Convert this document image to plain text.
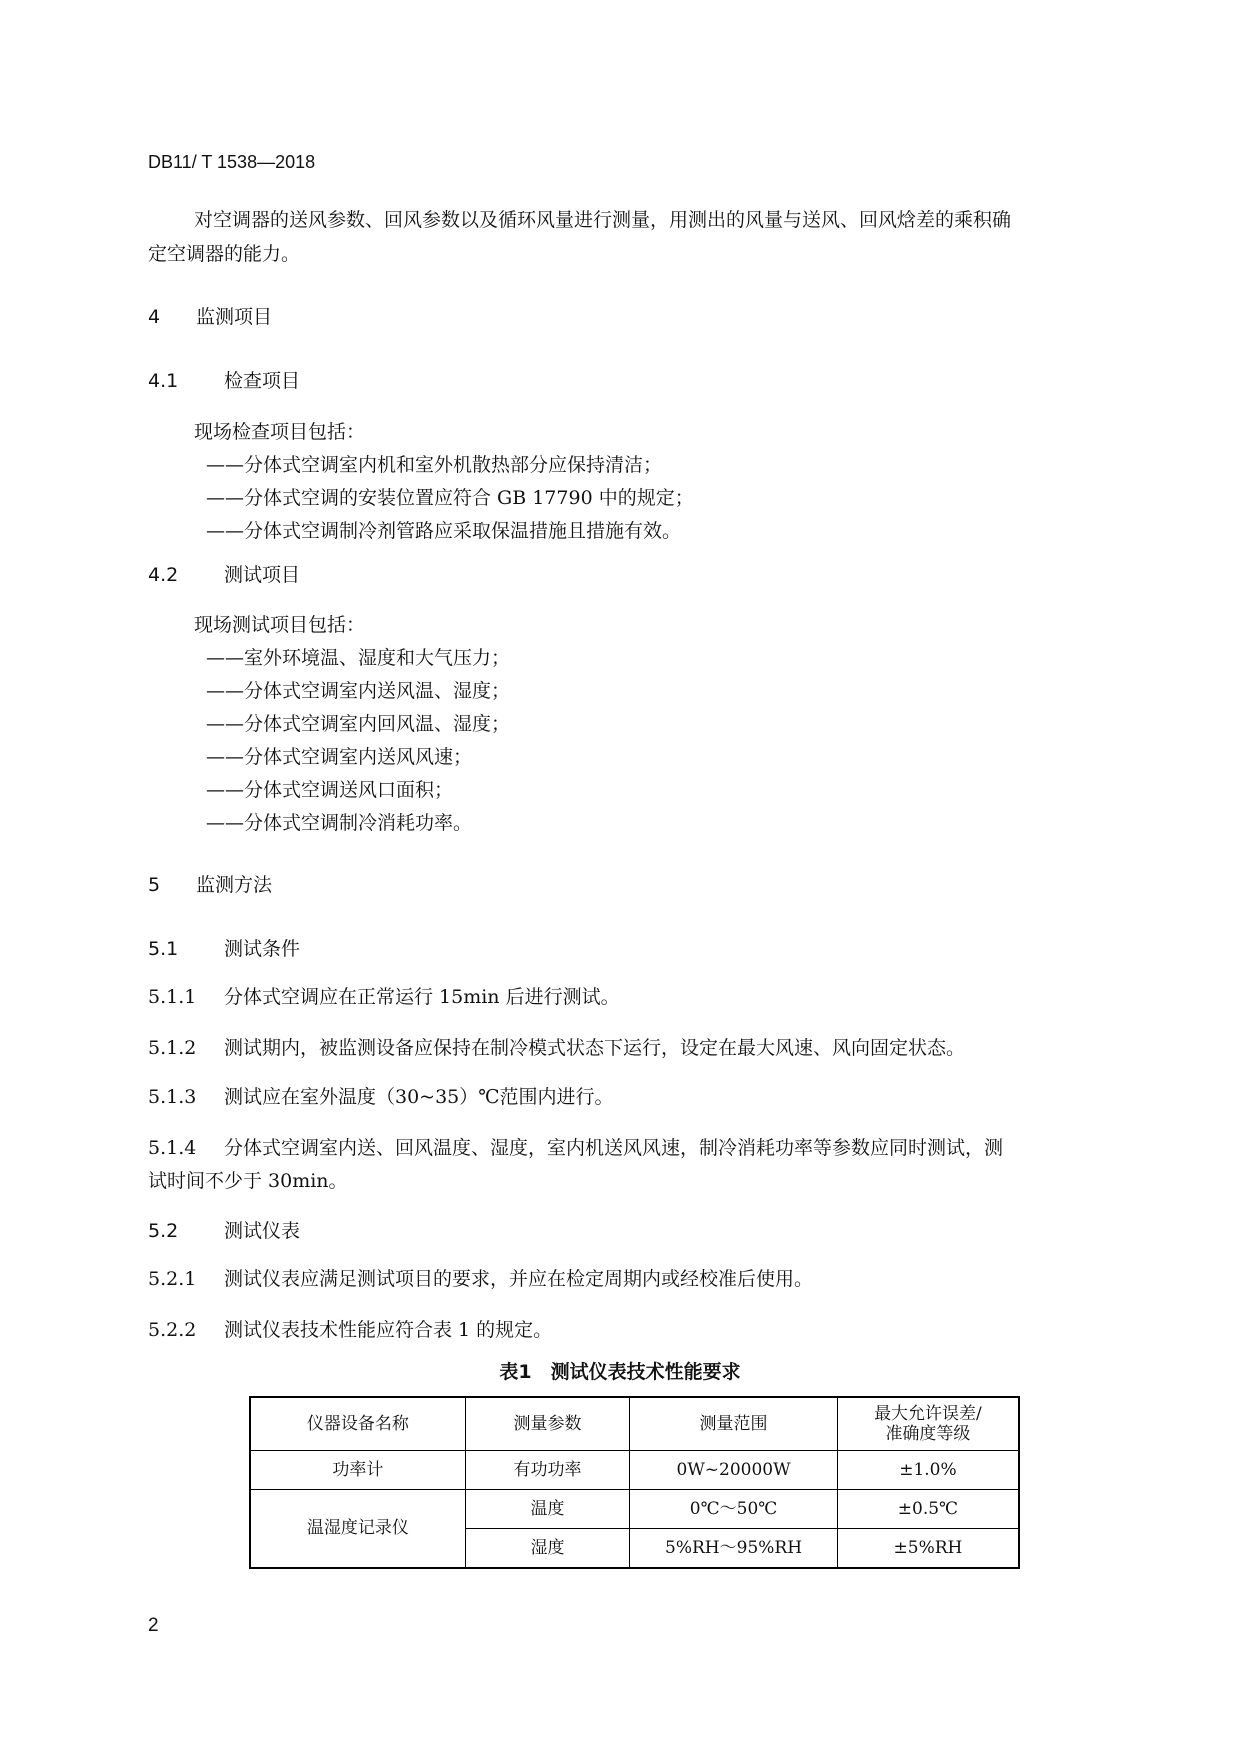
DB11/ T 1538—2018
对空调器的送风参数、回风参数以及循环风量进行测量，用测出的风量与送风、回风焓差的乘积确
定空调器的能力。
4 监测项目
4.1 检查项目
现场检查项目包括：
——分体式空调室内机和室外机散热部分应保持清洁；
——分体式空调的安装位置应符合 GB 17790 中的规定；
——分体式空调制冷剂管路应采取保温措施且措施有效。
4.2 测试项目
现场测试项目包括：
——室外环境温、湿度和大气压力；
——分体式空调室内送风温、湿度；
——分体式空调室内回风温、湿度；
——分体式空调室内送风风速；
——分体式空调送风口面积；
——分体式空调制冷消耗功率。
5 监测方法
5.1 测试条件
5.1.1 分体式空调应在正常运行 15min 后进行测试。
5.1.2 测试期内，被监测设备应保持在制冷模式状态下运行，设定在最大风速、风向固定状态。
5.1.3 测试应在室外温度（30~35）℃范围内进行。
5.1.4 分体式空调室内送、回风温度、湿度，室内机送风风速，制冷消耗功率等参数应同时测试，测
试时间不少于 30min。
5.2 测试仪表
5.2.1 测试仪表应满足测试项目的要求，并应在检定周期内或经校准后使用。
5.2.2 测试仪表技术性能应符合表 1 的规定。
表1　测试仪表技术性能要求
仪器设备名称	测量参数	测量范围	最大允许误差/
准确度等级
功率计	有功功率	0W~20000W	±1.0%
温湿度记录仪	温度	0℃～50℃	±0.5℃
	湿度	5%RH～95%RH	±5%RH
2
